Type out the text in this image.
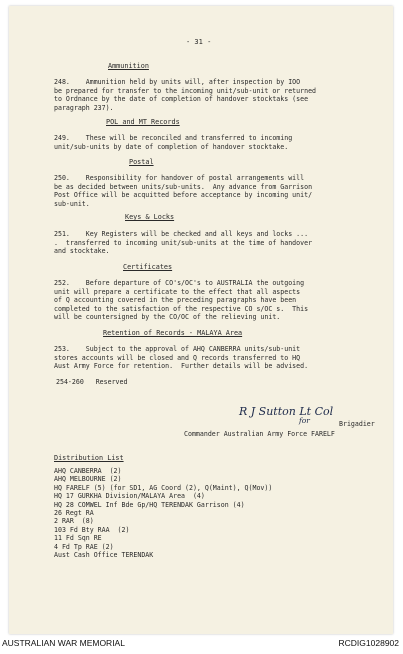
Ammunition
248.    Ammunition held by units will, after inspection by IOO
be prepared for transfer to the incoming unit/sub-unit or returned
to Ordnance by the date of completion of handover stocktaks (see
paragraph 237).
POL and MT Records
249.    These will be reconciled and transferred to incoming
unit/sub-units by date of completion of handover stocktake.
Postal
250.    Responsibility for handover of postal arrangements will
be as decided between units/sub-units.  Any advance from Garrison
Post Office will be acquitted before acceptance by incoming unit/
sub-unit.
Keys & Locks
251.    Key Registers will be checked and all keys and locks ...
.  transferred to incoming unit/sub-units at the time of handover
and stocktake.
Certificates
252.    Before departure of CO's/OC's to AUSTRALIA the outgoing
unit will prepare a certificate to the effect that all aspects
of Q accounting covered in the preceding paragraphs have been
completed to the satisfaction of the respective CO s/OC s.  This
will be countersigned by the CO/OC of the relieving unit.
Retention of Records - MALAYA Area
253.    Subject to the approval of AHQ CANBERRA units/sub-unit
stores accounts will be closed and Q records transferred to HQ
Aust Army Force for retention.  Further details will be advised.
- 31 -
254-260   Reserved
R J Sutton Lt Col
for	Brigadier
Commander Australian Army Force FARELF
Distribution List
AHQ CANBERRA  (2)
AHQ MELBOURNE (2)
HQ FARELF (5) (for SD1, AG Coord (2), Q(Maint), Q(Mov))
HQ 17 GURKHA Division/MALAYA Area  (4)
HQ 28 COMWEL Inf Bde Gp/HQ TERENDAK Garrison (4)
26 Regt RA
2 RAR  (8)
103 Fd Bty RAA  (2)
11 Fd Sqn RE
4 Fd Tp RAE (2)
Aust Cash Office TERENDAK
AUSTRALIAN WAR MEMORIAL	RCDIG1028902
